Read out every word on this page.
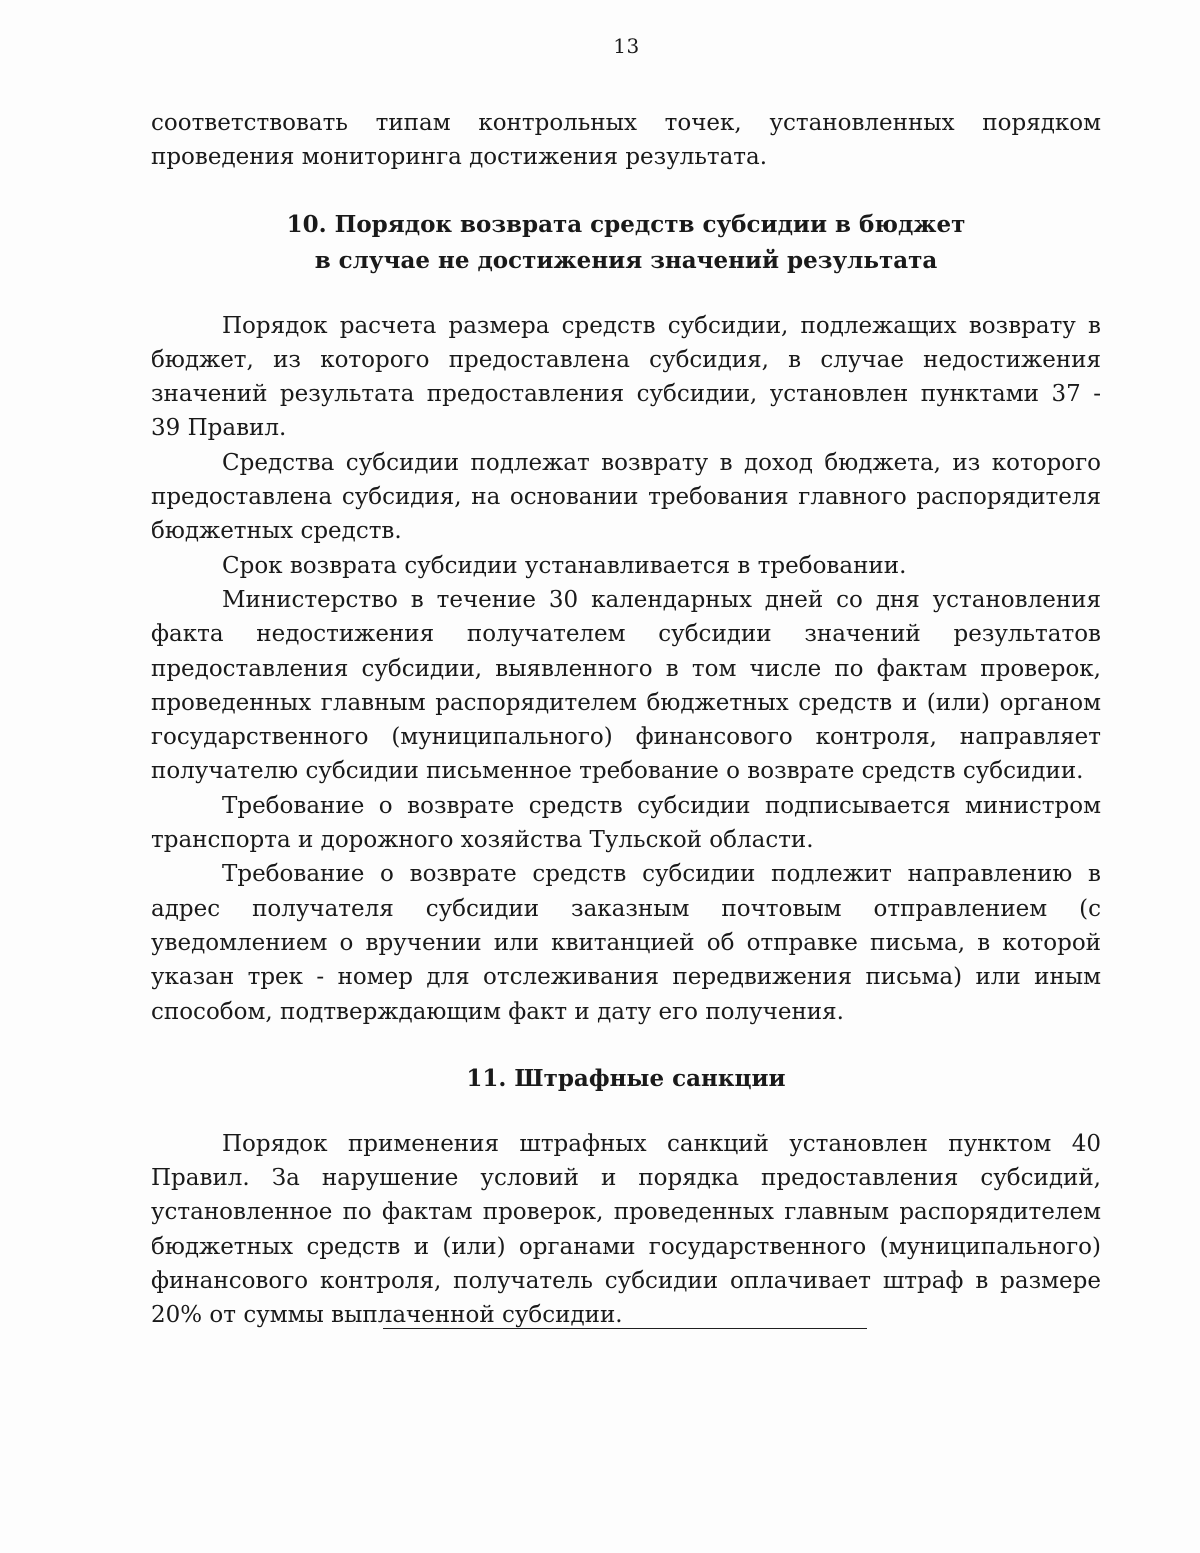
13

соответствовать типам контрольных точек, установленных порядком проведения мониторинга достижения результата.

10. Порядок возврата средств субсидии в бюджет

в случае не достижения значений результата

Порядок расчета размера средств субсидии, подлежащих возврату в бюджет, из которого предоставлена субсидия, в случае недостижения значений результата предоставления субсидии, установлен пунктами 37 - 39 Правил.

Средства субсидии подлежат возврату в доход бюджета, из которого предоставлена субсидия, на основании требования главного распорядителя бюджетных средств.

Срок возврата субсидии устанавливается в требовании.

Министерство в течение 30 календарных дней со дня установления факта недостижения получателем субсидии значений результатов предоставления субсидии, выявленного в том числе по фактам проверок, проведенных главным распорядителем бюджетных средств и (или) органом государственного (муниципального) финансового контроля, направляет получателю субсидии письменное требование о возврате средств субсидии.

Требование о возврате средств субсидии подписывается министром транспорта и дорожного хозяйства Тульской области.

Требование о возврате средств субсидии подлежит направлению в адрес получателя субсидии заказным почтовым отправлением (с уведомлением о вручении или квитанцией об отправке письма, в которой указан трек - номер для отслеживания передвижения письма) или иным способом, подтверждающим факт и дату его получения.

11. Штрафные санкции

Порядок применения штрафных санкций установлен пунктом 40 Правил. За нарушение условий и порядка предоставления субсидий, установленное по фактам проверок, проведенных главным распорядителем бюджетных средств и (или) органами государственного (муниципального) финансового контроля, получатель субсидии оплачивает штраф в размере 20% от суммы выплаченной субсидии.
